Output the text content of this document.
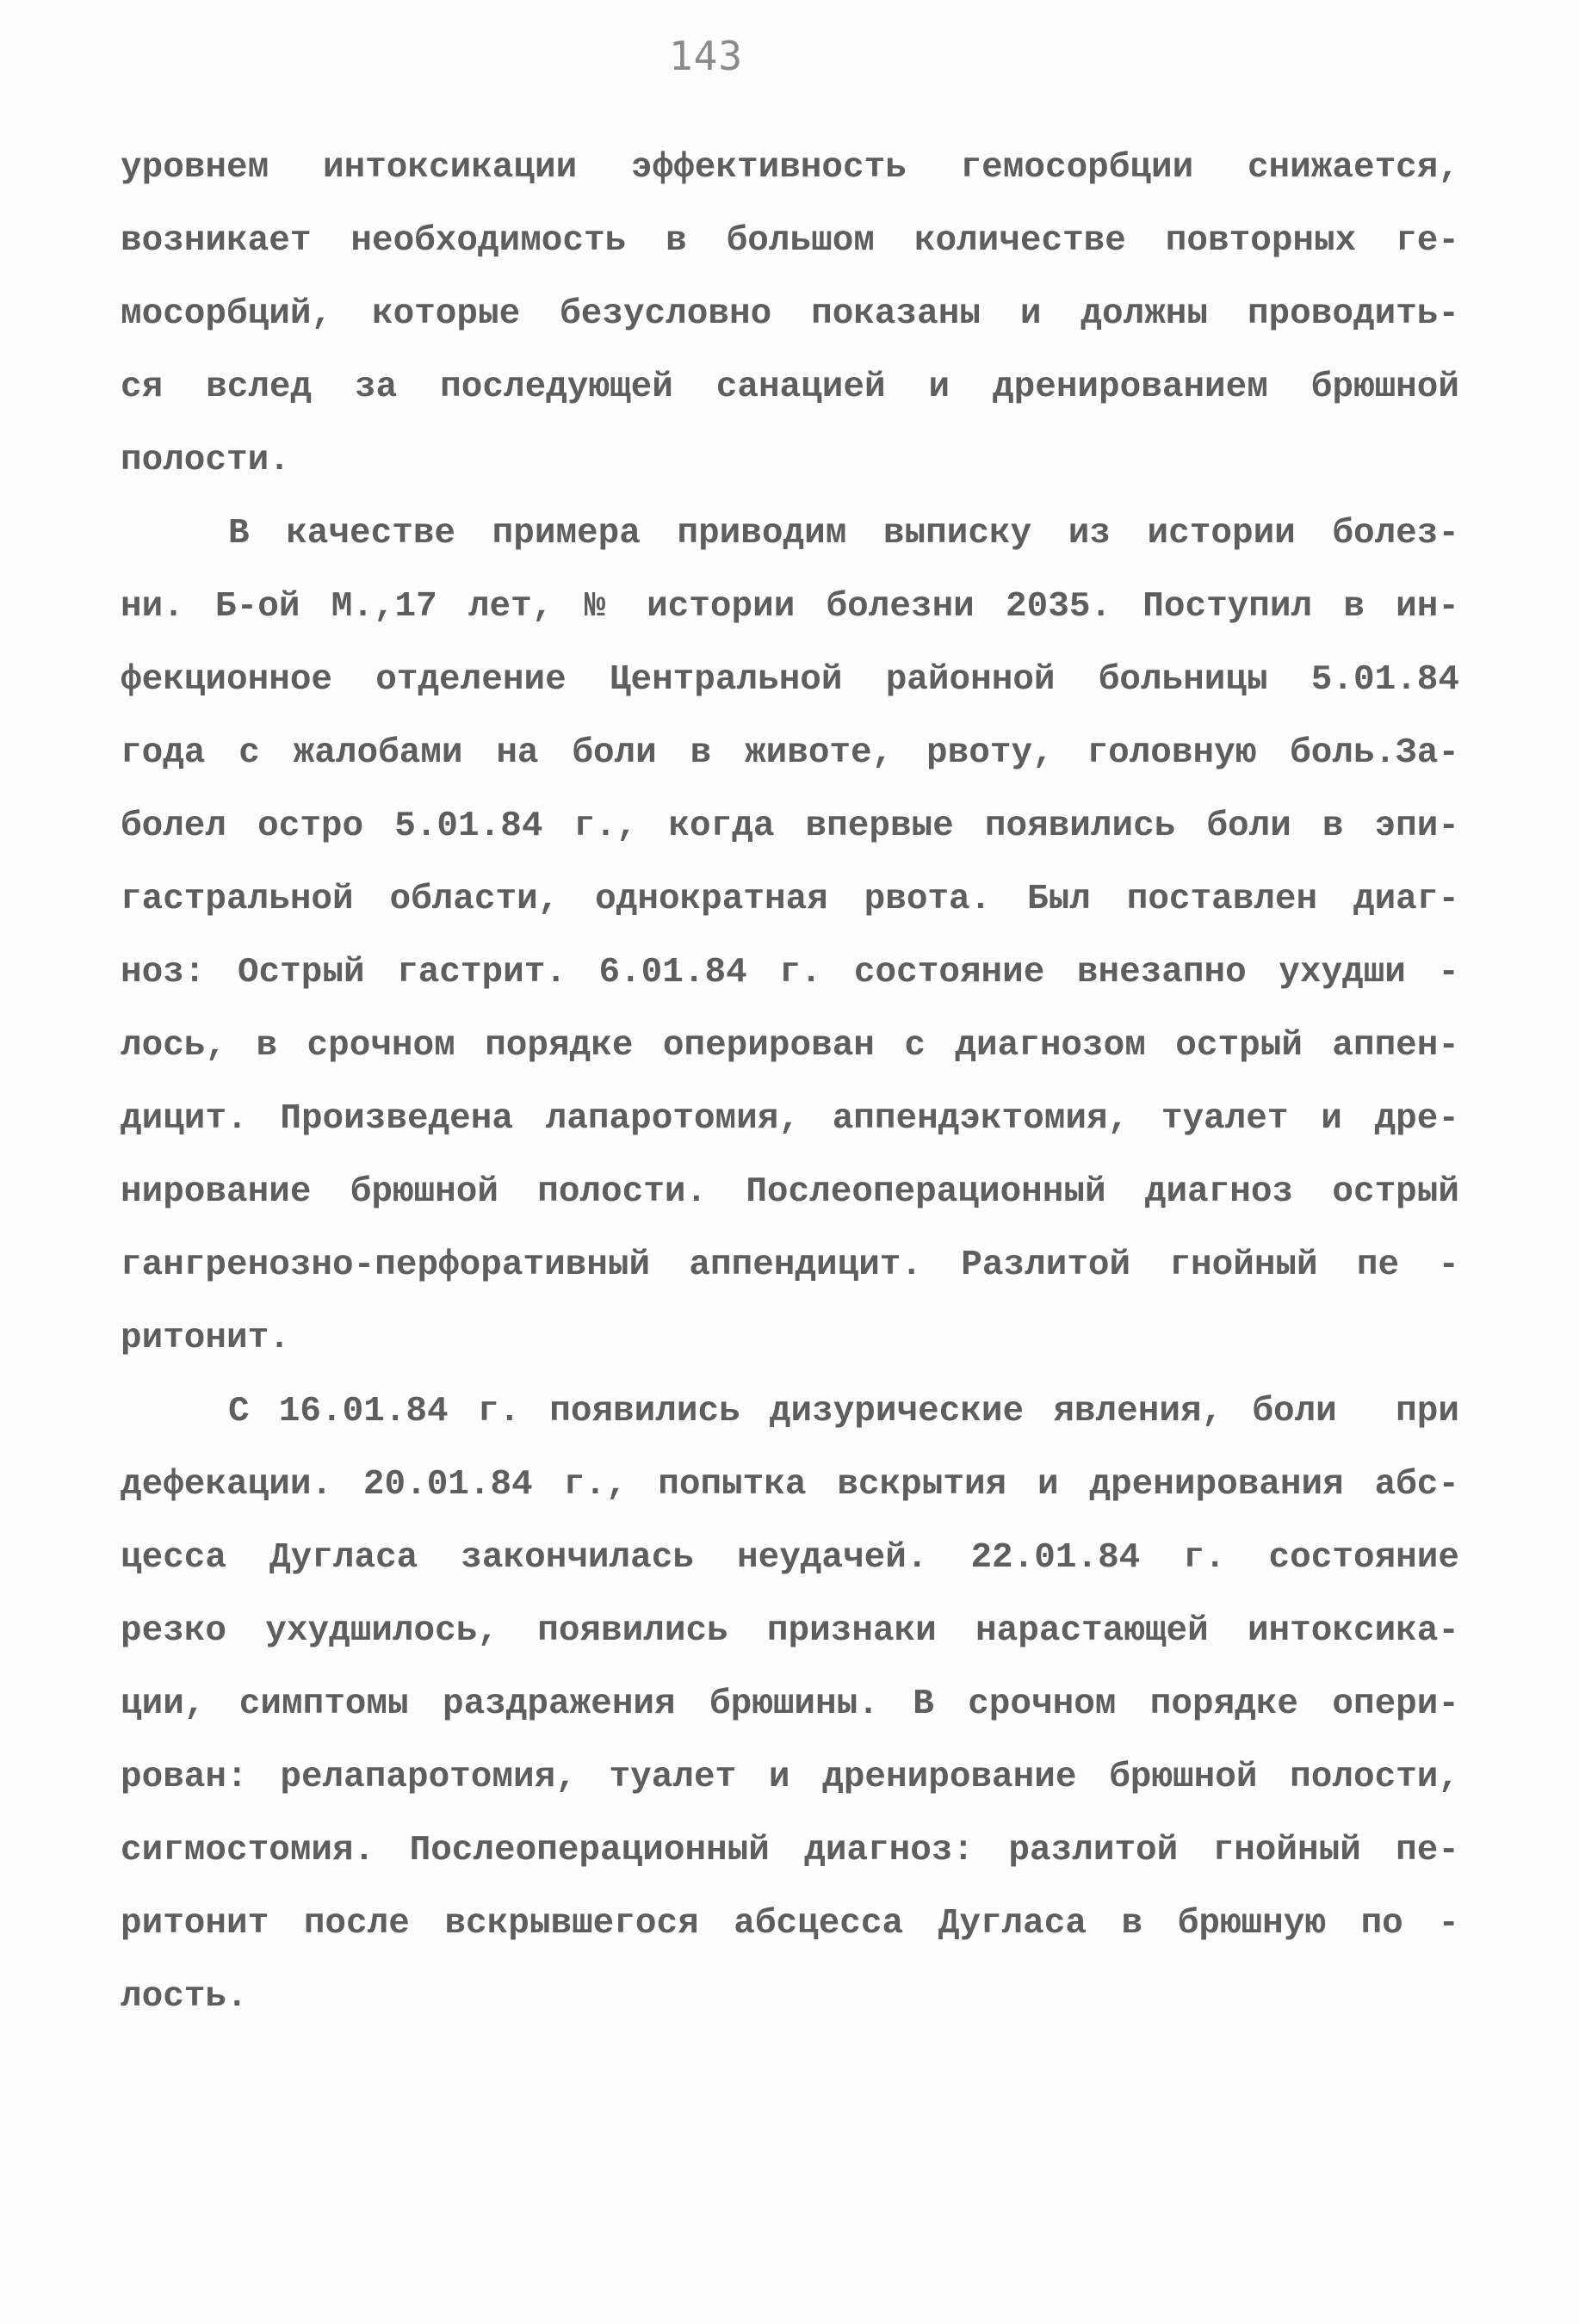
143
уровнем интоксикации эффективность гемосорбции снижается,
возникает необходимость в большом количестве повторных ге-
мосорбций, которые безусловно показаны и должны проводить-
ся вслед за последующей санацией и дренированием брюшной
полости.
В качестве примера приводим выписку из истории болез-
ни. Б-ой М.,17 лет, № истории болезни 2035. Поступил в ин-
фекционное отделение Центральной районной больницы 5.01.84
года с жалобами на боли в животе, рвоту, головную боль.За-
болел остро 5.01.84 г., когда впервые появились боли в эпи-
гастральной области, однократная рвота. Был поставлен диаг-
ноз: Острый гастрит. 6.01.84 г. состояние внезапно ухудши -
лось, в срочном порядке оперирован с диагнозом острый аппен-
дицит. Произведена лапаротомия, аппендэктомия, туалет и дре-
нирование брюшной полости. Послеоперационный диагноз острый
гангренозно-перфоративный аппендицит. Разлитой гнойный пе -
ритонит.
С 16.01.84 г. появились дизурические явления, боли  при
дефекации. 20.01.84 г., попытка вскрытия и дренирования абс-
цесса Дугласа закончилась неудачей. 22.01.84 г. состояние
резко ухудшилось, появились признаки нарастающей интоксика-
ции, симптомы раздражения брюшины. В срочном порядке опери-
рован: релапаротомия, туалет и дренирование брюшной полости,
сигмостомия. Послеоперационный диагноз: разлитой гнойный пе-
ритонит после вскрывшегося абсцесса Дугласа в брюшную по -
лость.
